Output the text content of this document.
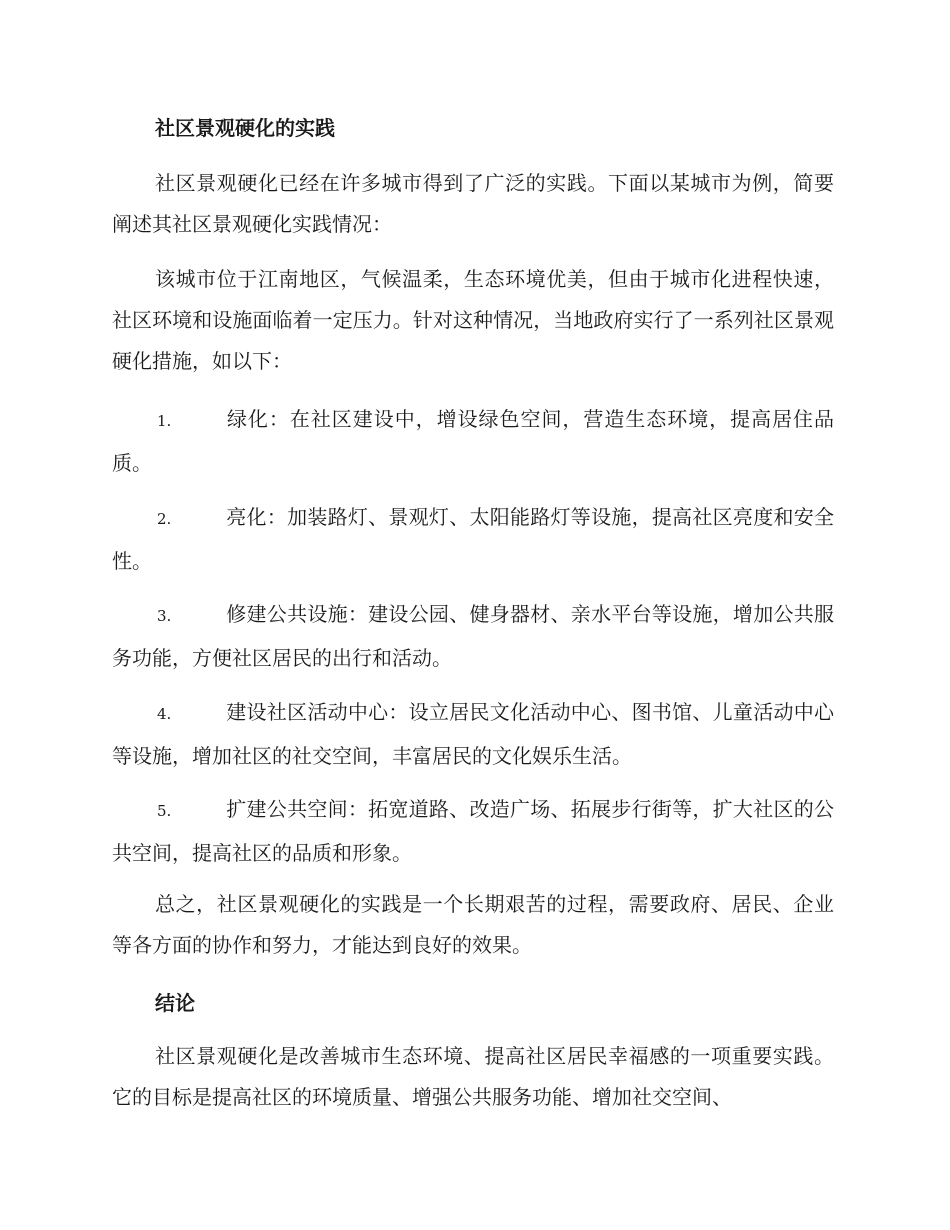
社区景观硬化的实践
社区景观硬化已经在许多城市得到了广泛的实践。下面以某城市为例，简要阐述其社区景观硬化实践情况：
该城市位于江南地区，气候温柔，生态环境优美，但由于城市化进程快速，社区环境和设施面临着一定压力。针对这种情况，当地政府实行了一系列社区景观硬化措施，如以下：
1.	绿化：在社区建设中，增设绿色空间，营造生态环境，提高居住品质。
2.	亮化：加装路灯、景观灯、太阳能路灯等设施，提高社区亮度和安全性。
3.	修建公共设施：建设公园、健身器材、亲水平台等设施，增加公共服务功能，方便社区居民的出行和活动。
4.	建设社区活动中心：设立居民文化活动中心、图书馆、儿童活动中心等设施，增加社区的社交空间，丰富居民的文化娱乐生活。
5.	扩建公共空间：拓宽道路、改造广场、拓展步行街等，扩大社区的公共空间，提高社区的品质和形象。
总之，社区景观硬化的实践是一个长期艰苦的过程，需要政府、居民、企业等各方面的协作和努力，才能达到良好的效果。
结论
社区景观硬化是改善城市生态环境、提高社区居民幸福感的一项重要实践。它的目标是提高社区的环境质量、增强公共服务功能、增加社交空间、
